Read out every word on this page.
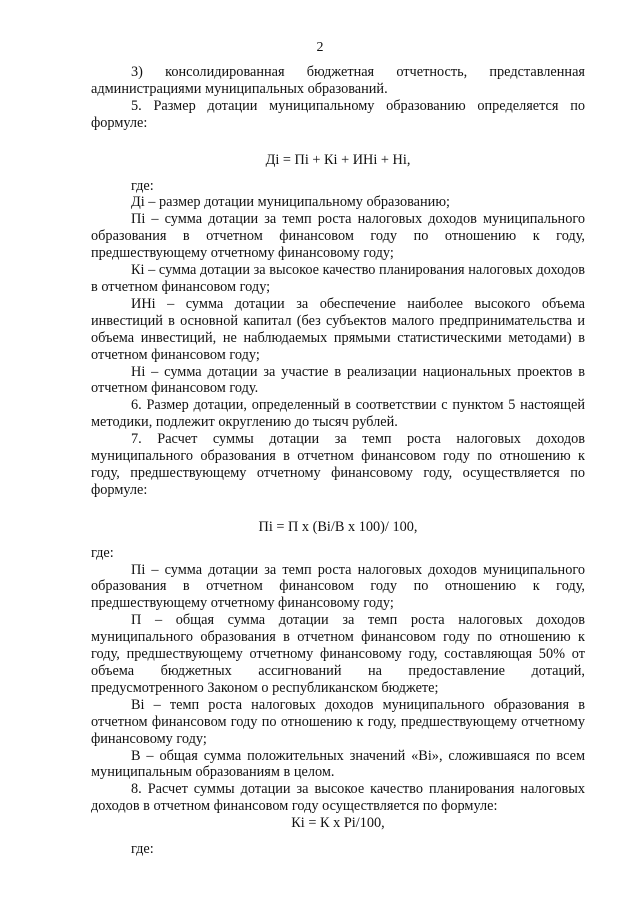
2

3) консолидированная бюджетная отчетность, представленная администрациями муниципальных образований.

5. Размер дотации муниципальному образованию определяется по формуле:

Дi = Пi + Кi + ИНi + Нi,

где:

Дi – размер дотации муниципальному образованию;

Пi – сумма дотации за темп роста налоговых доходов муниципального образования в отчетном финансовом году по отношению к году, предшествующему отчетному финансовому году;

Кi – сумма дотации за высокое качество планирования налоговых доходов в отчетном финансовом году;

ИНi – сумма дотации за обеспечение наиболее высокого объема инвестиций в основной капитал (без субъектов малого предпринимательства и объема инвестиций, не наблюдаемых прямыми статистическими методами) в отчетном финансовом году;

Нi – сумма дотации за участие в реализации национальных проектов в отчетном финансовом году.

6. Размер дотации, определенный в соответствии с пунктом 5 настоящей методики, подлежит округлению до тысяч рублей.

7. Расчет суммы дотации за темп роста налоговых доходов муниципального образования в отчетном финансовом году по отношению к году, предшествующему отчетному финансовому году, осуществляется по формуле:

Пi = П x (Bi/B x 100)/ 100,

где:

Пi – сумма дотации за темп роста налоговых доходов муниципального образования в отчетном финансовом году по отношению к году, предшествующему отчетному финансовому году;

П – общая сумма дотации за темп роста налоговых доходов муниципального образования в отчетном финансовом году по отношению к году, предшествующему отчетному финансовому году, составляющая 50% от объема бюджетных ассигнований на предоставление дотаций, предусмотренного Законом о республиканском бюджете;

Вi – темп роста налоговых доходов муниципального образования в отчетном финансовом году по отношению к году, предшествующему отчетному финансовому году;

В – общая сумма положительных значений «Вi», сложившаяся по всем муниципальным образованиям в целом.

8. Расчет суммы дотации за высокое качество планирования налоговых доходов в отчетном финансовом году осуществляется по формуле:

Кi = К x Рi/100,

где:
